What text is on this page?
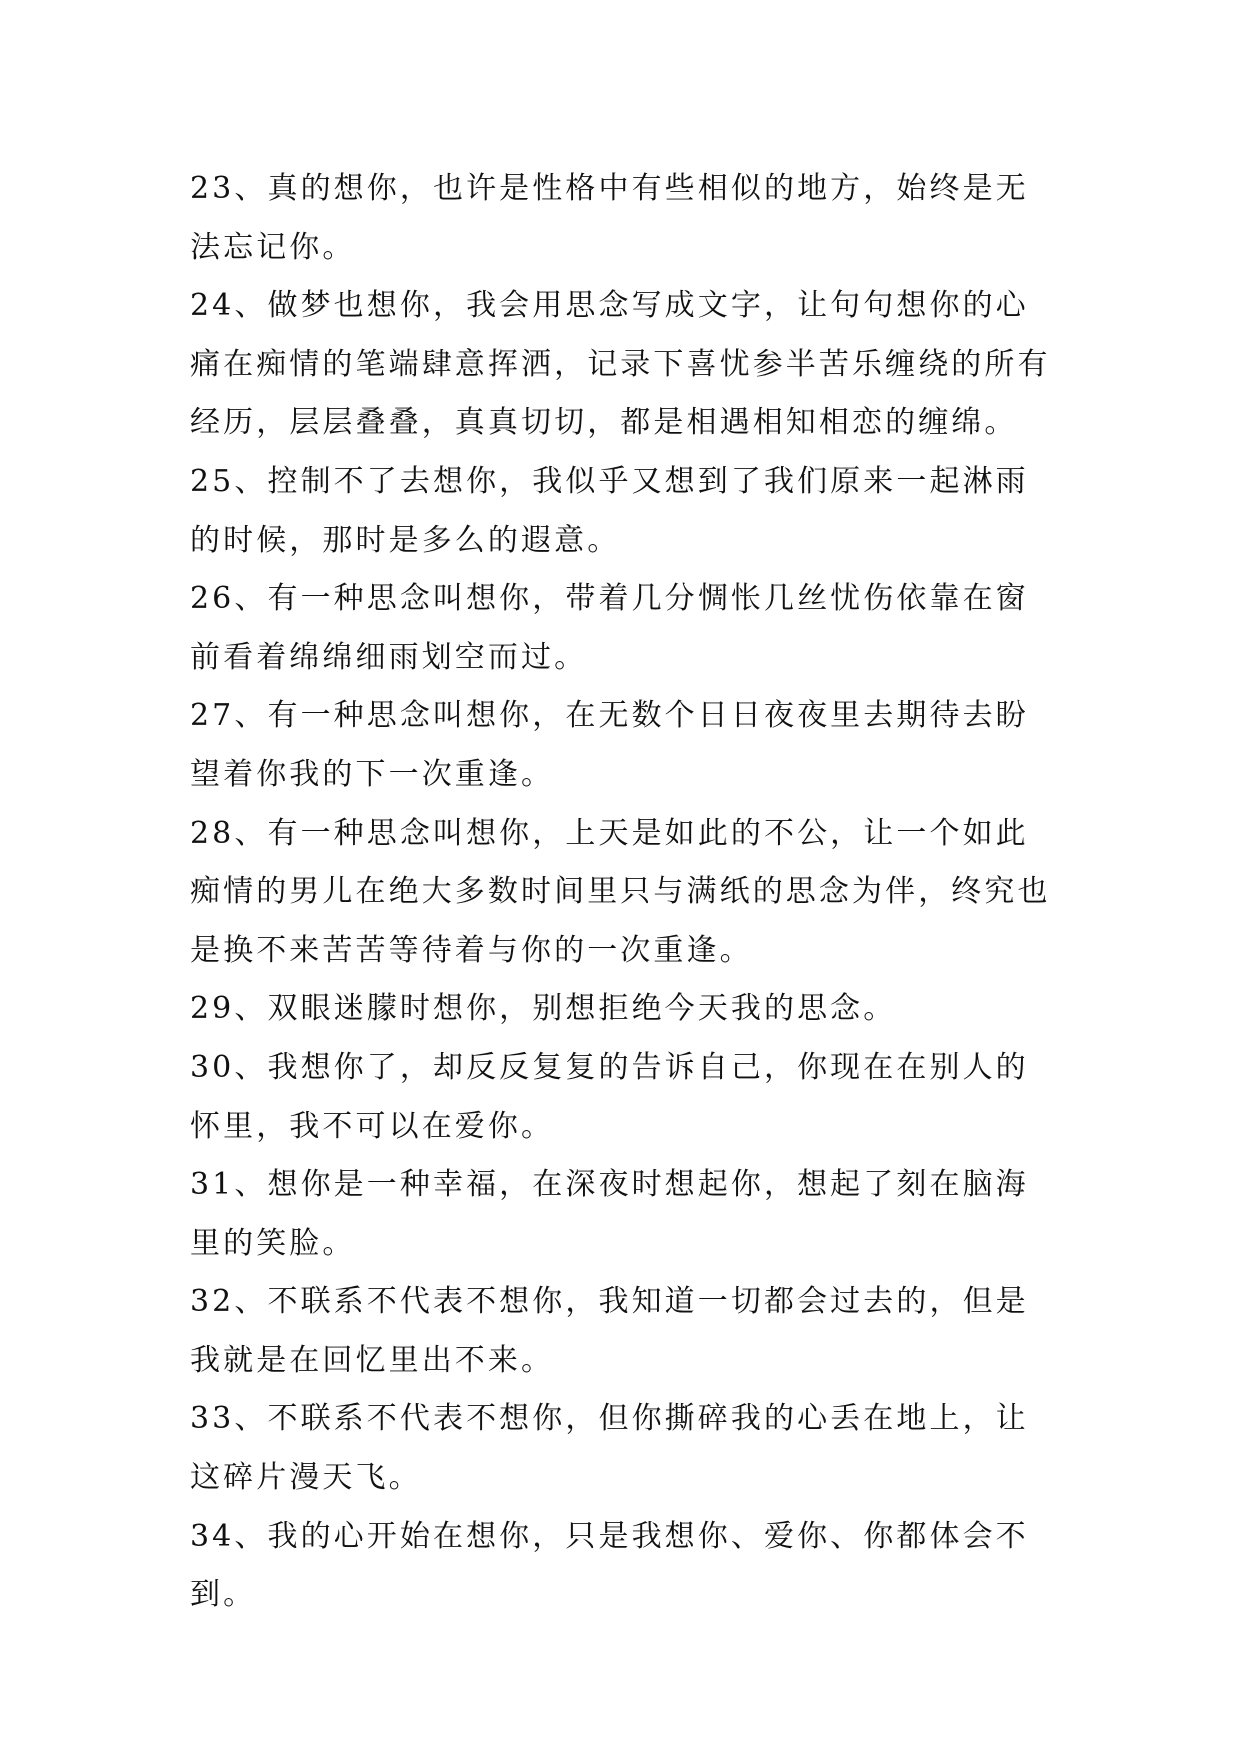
23、真的想你，也许是性格中有些相似的地方，始终是无法忘记你。

24、做梦也想你，我会用思念写成文字，让句句想你的心痛在痴情的笔端肆意挥洒，记录下喜忧参半苦乐缠绕的所有经历，层层叠叠，真真切切，都是相遇相知相恋的缠绵。

25、控制不了去想你，我似乎又想到了我们原来一起淋雨的时候，那时是多么的遐意。

26、有一种思念叫想你，带着几分惆怅几丝忧伤依靠在窗前看着绵绵细雨划空而过。

27、有一种思念叫想你，在无数个日日夜夜里去期待去盼望着你我的下一次重逢。

28、有一种思念叫想你，上天是如此的不公，让一个如此痴情的男儿在绝大多数时间里只与满纸的思念为伴，终究也是换不来苦苦等待着与你的一次重逢。

29、双眼迷朦时想你，别想拒绝今天我的思念。

30、我想你了，却反反复复的告诉自己，你现在在别人的怀里，我不可以在爱你。

31、想你是一种幸福，在深夜时想起你，想起了刻在脑海里的笑脸。

32、不联系不代表不想你，我知道一切都会过去的，但是我就是在回忆里出不来。

33、不联系不代表不想你，但你撕碎我的心丢在地上，让这碎片漫天飞。

34、我的心开始在想你，只是我想你、爱你、你都体会不到。
